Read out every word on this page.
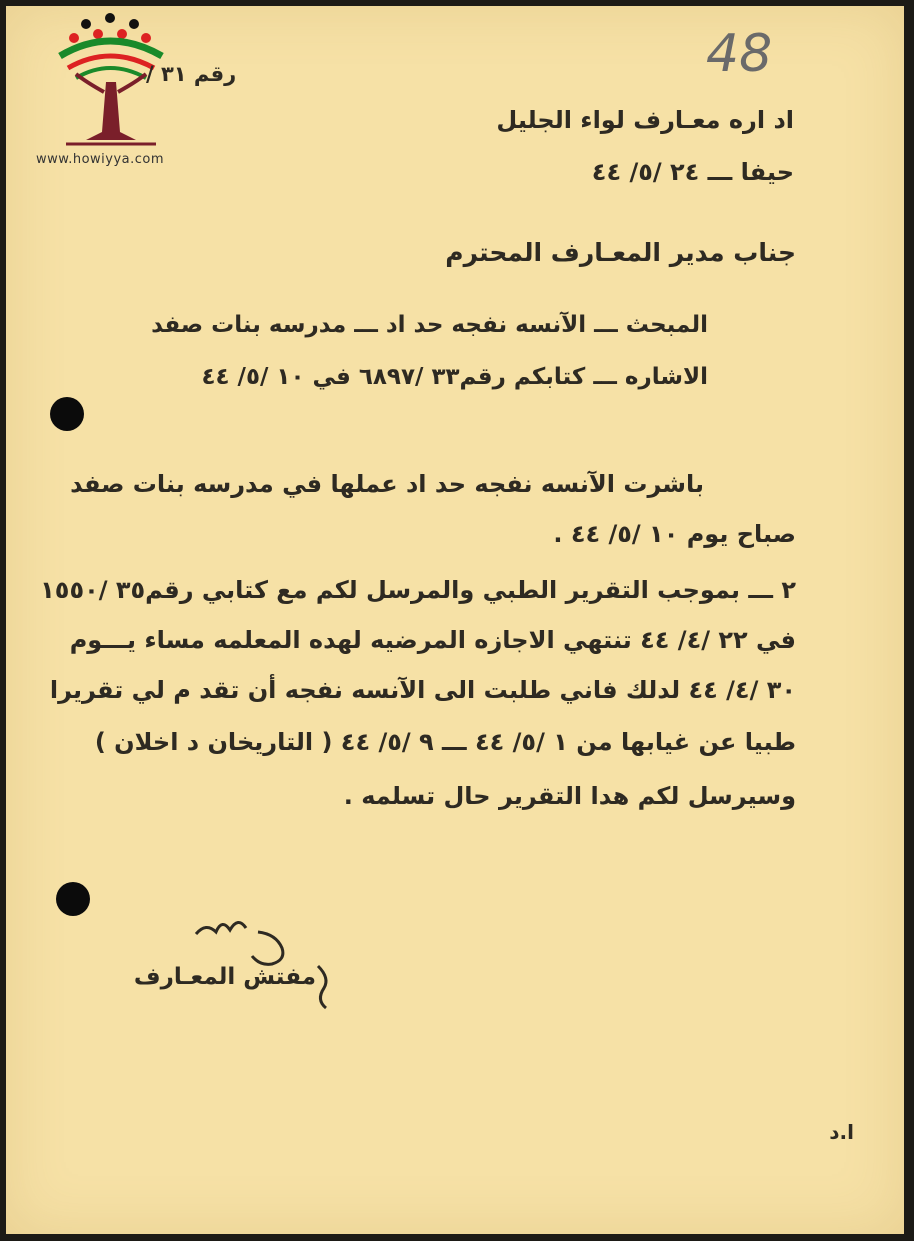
www.howiyya.com
48
رقم ٣١ /
اد اره معـارف لواء الجليل
حيفا ـــ ٢٤ /٥/ ٤٤
جناب مدير المعـارف المحترم
المبحث ـــ الآنسه نفجه حد اد ـــ مدرسه بنات صفد
الاشاره ـــ كتابكم رقم٣٣ /٦٨٩٧ في ١٠ /٥/ ٤٤
باشرت الآنسه نفجه حد اد عملها في مدرسه بنات صفد
صباح يوم ١٠ /٥/ ٤٤ .
٢ ـــ بموجب التقرير الطبي والمرسل لكم مع كتابي رقم٣٥ /١٥٥٠
في ٢٢ /٤/ ٤٤ تنتهي الاجازه المرضيه لهده المعلمه مساء يـــوم
٣٠ /٤/ ٤٤ لدلك فاني طلبت الى الآنسه نفجه أن تقد م لي تقريرا
طبيا عن غيابها من ١ /٥/ ٤٤ ـــ ٩ /٥/ ٤٤ ( التاريخان د اخلان )
وسيرسل لكم هدا التقرير حال تسلمه .
مفتش المعـارف
ا.د
